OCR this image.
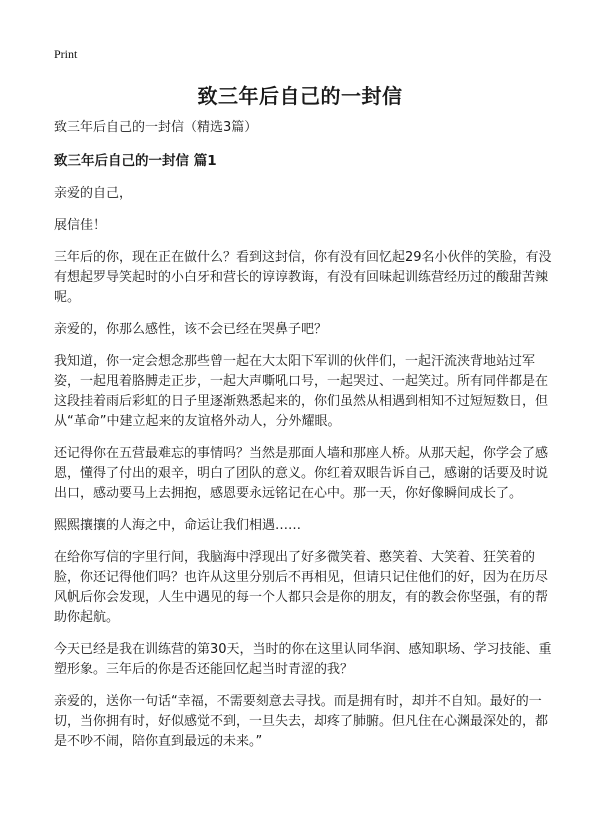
Print
致三年后自己的一封信
致三年后自己的一封信（精选3篇）
致三年后自己的一封信 篇1
亲爱的自己，
展信佳！
三年后的你，现在正在做什么？看到这封信，你有没有回忆起29名小伙伴的笑脸，有没有想起罗导笑起时的小白牙和营长的谆谆教诲，有没有回味起训练营经历过的酸甜苦辣呢。
亲爱的，你那么感性，该不会已经在哭鼻子吧？
我知道，你一定会想念那些曾一起在大太阳下军训的伙伴们，一起汗流浃背地站过军姿，一起甩着胳膊走正步，一起大声嘶吼口号，一起哭过、一起笑过。所有同伴都是在这段挂着雨后彩虹的日子里逐渐熟悉起来的，你们虽然从相遇到相知不过短短数日，但从“革命”中建立起来的友谊格外动人，分外耀眼。
还记得你在五营最难忘的事情吗？当然是那面人墙和那座人桥。从那天起，你学会了感恩，懂得了付出的艰辛，明白了团队的意义。你红着双眼告诉自己，感谢的话要及时说出口，感动要马上去拥抱，感恩要永远铭记在心中。那一天，你好像瞬间成长了。
熙熙攘攘的人海之中，命运让我们相遇……
在给你写信的字里行间，我脑海中浮现出了好多微笑着、憨笑着、大笑着、狂笑着的脸，你还记得他们吗？也许从这里分别后不再相见，但请只记住他们的好，因为在历尽风帆后你会发现，人生中遇见的每一个人都只会是你的朋友，有的教会你坚强，有的帮助你起航。
今天已经是我在训练营的第30天，当时的你在这里认同华润、感知职场、学习技能、重塑形象。三年后的你是否还能回忆起当时青涩的我？
亲爱的，送你一句话“幸福，不需要刻意去寻找。而是拥有时，却并不自知。最好的一切，当你拥有时，好似感觉不到，一旦失去，却疼了肺腑。但凡住在心渊最深处的，都是不吵不闹，陪你直到最远的未来。”
